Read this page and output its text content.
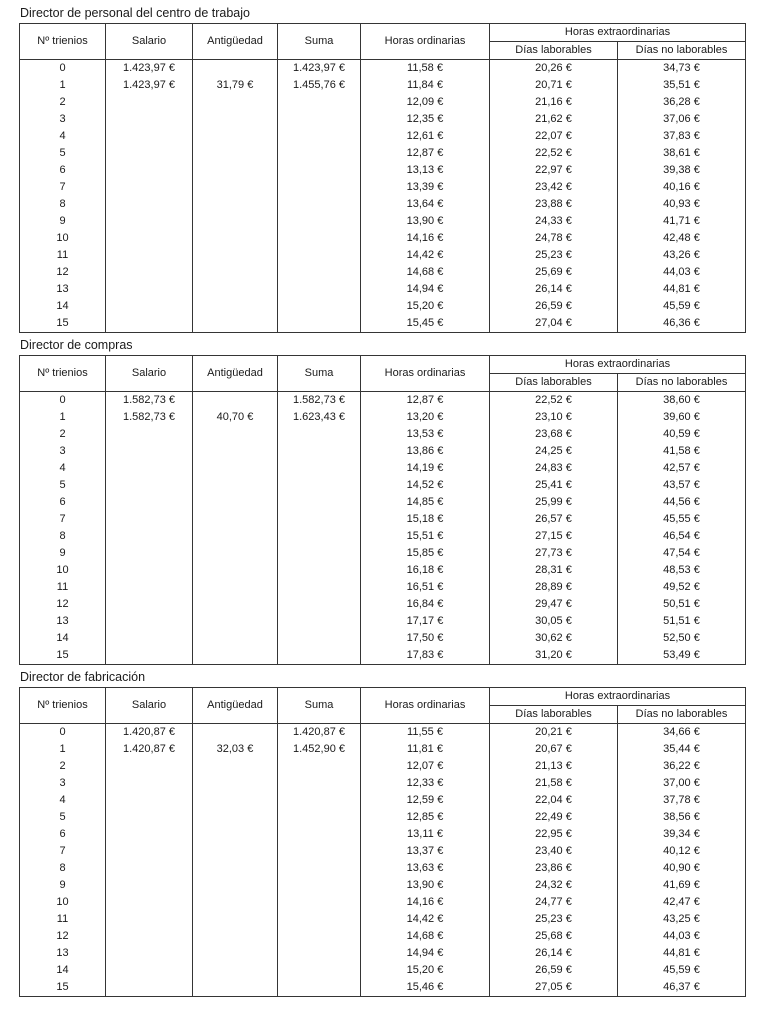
Director de personal del centro de trabajo
Nº trienios	Salario	Antigüedad	Suma	Horas ordinarias	Horas extraordinarias	
					Días laborables	Días no laborables
0	1.423,97 €		1.423,97 €	11,58 €	20,26 €	34,73 €
1	1.423,97 €	31,79 €	1.455,76 €	11,84 €	20,71 €	35,51 €
2				12,09 €	21,16 €	36,28 €
3				12,35 €	21,62 €	37,06 €
4				12,61 €	22,07 €	37,83 €
5				12,87 €	22,52 €	38,61 €
6				13,13 €	22,97 €	39,38 €
7				13,39 €	23,42 €	40,16 €
8				13,64 €	23,88 €	40,93 €
9				13,90 €	24,33 €	41,71 €
10				14,16 €	24,78 €	42,48 €
11				14,42 €	25,23 €	43,26 €
12				14,68 €	25,69 €	44,03 €
13				14,94 €	26,14 €	44,81 €
14				15,20 €	26,59 €	45,59 €
15				15,45 €	27,04 €	46,36 €
Director de compras
Nº trienios	Salario	Antigüedad	Suma	Horas ordinarias	Horas extraordinarias	
					Días laborables	Días no laborables
0	1.582,73 €		1.582,73 €	12,87 €	22,52 €	38,60 €
1	1.582,73 €	40,70 €	1.623,43 €	13,20 €	23,10 €	39,60 €
2				13,53 €	23,68 €	40,59 €
3				13,86 €	24,25 €	41,58 €
4				14,19 €	24,83 €	42,57 €
5				14,52 €	25,41 €	43,57 €
6				14,85 €	25,99 €	44,56 €
7				15,18 €	26,57 €	45,55 €
8				15,51 €	27,15 €	46,54 €
9				15,85 €	27,73 €	47,54 €
10				16,18 €	28,31 €	48,53 €
11				16,51 €	28,89 €	49,52 €
12				16,84 €	29,47 €	50,51 €
13				17,17 €	30,05 €	51,51 €
14				17,50 €	30,62 €	52,50 €
15				17,83 €	31,20 €	53,49 €
Director de fabricación
Nº trienios	Salario	Antigüedad	Suma	Horas ordinarias	Horas extraordinarias	
					Días laborables	Días no laborables
0	1.420,87 €		1.420,87 €	11,55 €	20,21 €	34,66 €
1	1.420,87 €	32,03 €	1.452,90 €	11,81 €	20,67 €	35,44 €
2				12,07 €	21,13 €	36,22 €
3				12,33 €	21,58 €	37,00 €
4				12,59 €	22,04 €	37,78 €
5				12,85 €	22,49 €	38,56 €
6				13,11 €	22,95 €	39,34 €
7				13,37 €	23,40 €	40,12 €
8				13,63 €	23,86 €	40,90 €
9				13,90 €	24,32 €	41,69 €
10				14,16 €	24,77 €	42,47 €
11				14,42 €	25,23 €	43,25 €
12				14,68 €	25,68 €	44,03 €
13				14,94 €	26,14 €	44,81 €
14				15,20 €	26,59 €	45,59 €
15				15,46 €	27,05 €	46,37 €
